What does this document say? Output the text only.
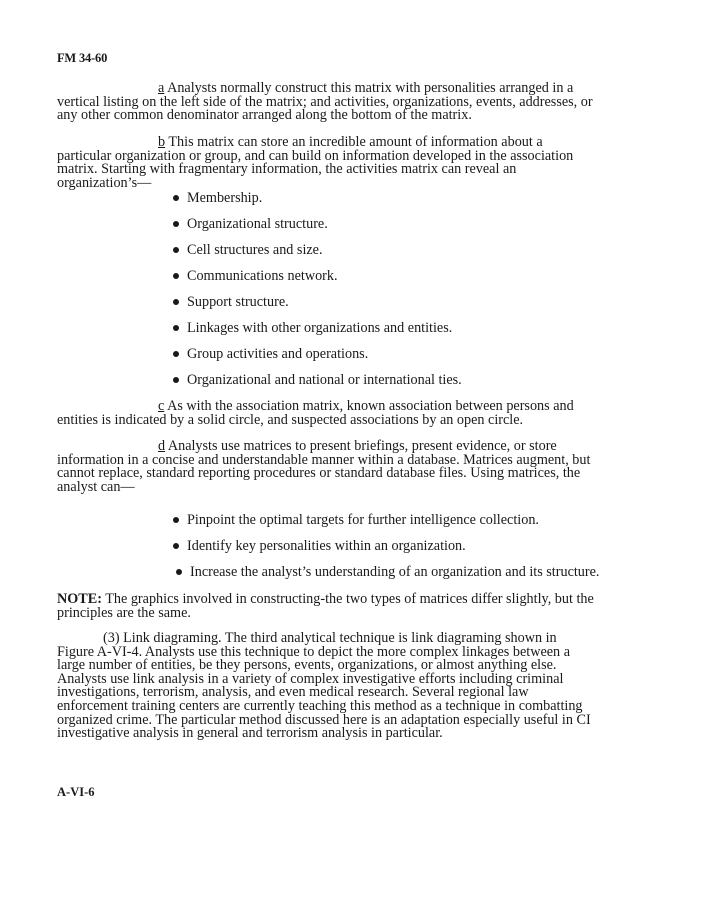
FM 34-60

a Analysts normally construct this matrix with personalities arranged in a vertical listing on the left side of the matrix; and activities, organizations, events, addresses, or any other common denominator arranged along the bottom of the matrix.

b This matrix can store an incredible amount of information about a particular organization or group, and can build on information developed in the association matrix. Starting with fragmentary information, the activities matrix can reveal an organization’s—

Membership.
Organizational structure.
Cell structures and size.
Communications network.
Support structure.
Linkages with other organizations and entities.
Group activities and operations.
Organizational and national or international ties.

c As with the association matrix, known association between persons and entities is indicated by a solid circle, and suspected associations by an open circle.

d Analysts use matrices to present briefings, present evidence, or store information in a concise and understandable manner within a database. Matrices augment, but cannot replace, standard reporting procedures or standard database files. Using matrices, the analyst can—

Pinpoint the optimal targets for further intelligence collection.
Identify key personalities within an organization.
Increase the analyst’s understanding of an organization and its structure.

NOTE: The graphics involved in constructing-the two types of matrices differ slightly, but the principles are the same.

(3) Link diagraming. The third analytical technique is link diagraming shown in Figure A-VI-4. Analysts use this technique to depict the more complex linkages between a large number of entities, be they persons, events, organizations, or almost anything else. Analysts use link analysis in a variety of complex investigative efforts including criminal investigations, terrorism, analysis, and even medical research. Several regional law enforcement training centers are currently teaching this method as a technique in combatting organized crime. The particular method discussed here is an adaptation especially useful in CI investigative analysis in general and terrorism analysis in particular.

A-VI-6
